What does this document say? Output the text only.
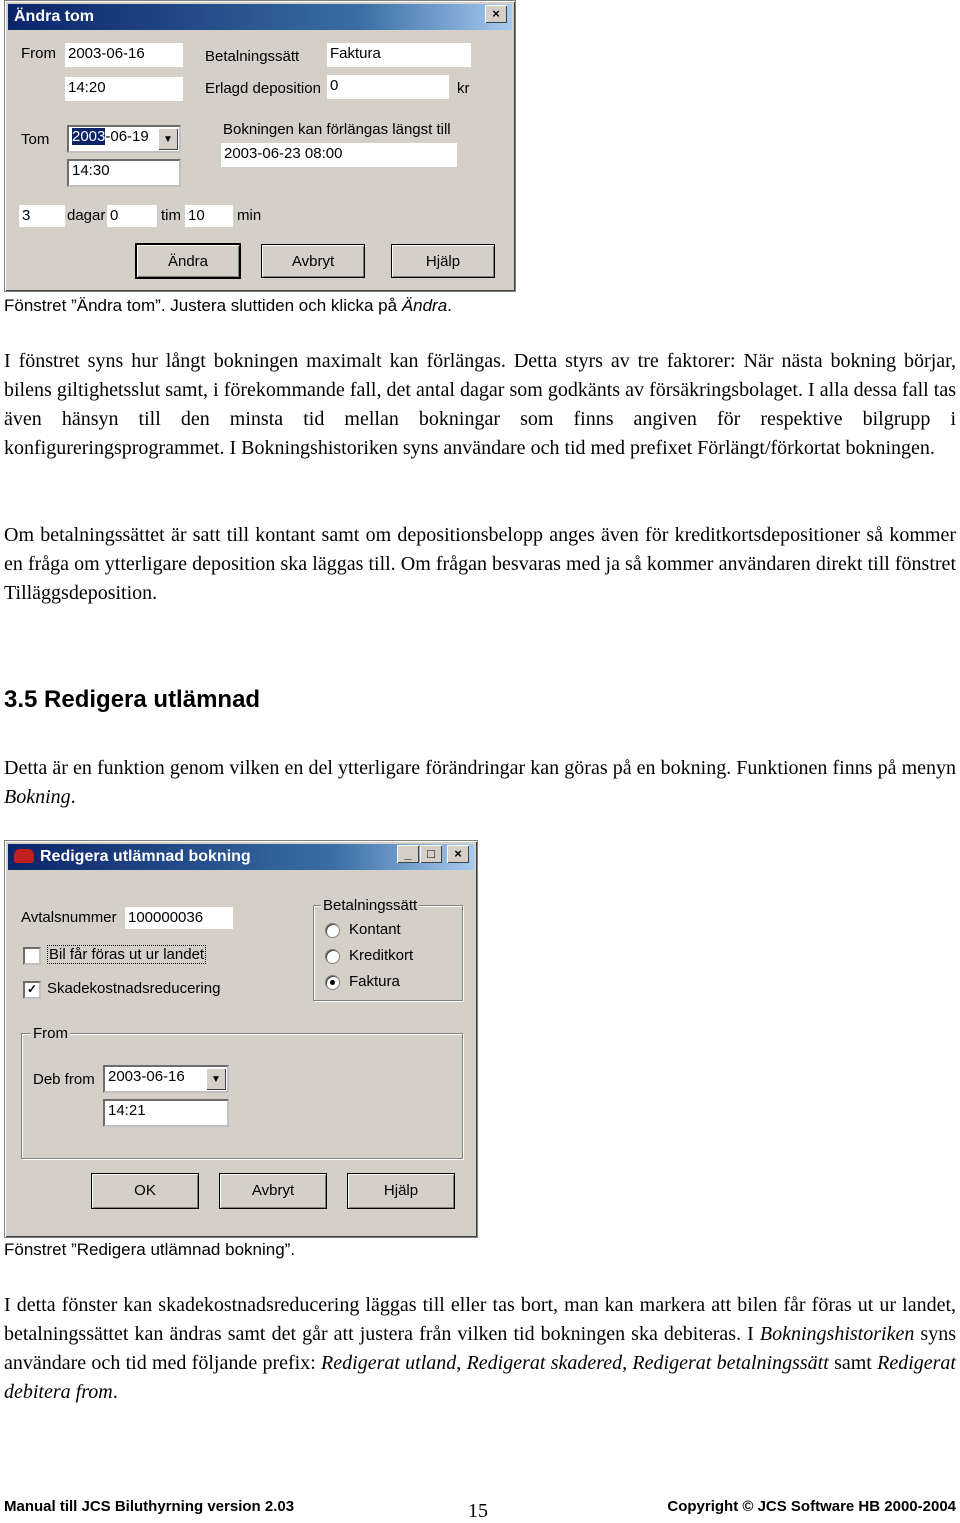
Ändra tom	×
From 2003-06-16
14:20
Betalningssätt Faktura
Erlagd deposition 0	kr
Tom	2003-06-19	▼
14:30
Bokningen kan förlängas längst till
2003-06-23 08:00
3	dagar 0	tim 10	min
Ändra	Avbryt	Hjälp
Fönstret ”Ändra tom”. Justera sluttiden och klicka på Ändra.
I fönstret syns hur långt bokningen maximalt kan förlängas. Detta styrs av tre faktorer: När nästa bokning börjar, bilens giltighetsslut samt, i förekommande fall, det antal dagar som godkänts av försäkringsbolaget. I alla dessa fall tas även hänsyn till den minsta tid mellan bokningar som finns angiven för respektive bilgrupp i konfigureringsprogrammet. I Bokningshistoriken syns användare och tid med prefixet Förlängt/förkortat bokningen.
Om betalningssättet är satt till kontant samt om depositionsbelopp anges även för kreditkortsdepositioner så kommer en fråga om ytterligare deposition ska läggas till. Om frågan besvaras med ja så kommer användaren direkt till fönstret Tilläggsdeposition.
3.5 Redigera utlämnad
Detta är en funktion genom vilken en del ytterligare förändringar kan göras på en bokning. Funktionen finns på menyn Bokning.
Redigera utlämnad bokning	_	□	×
Avtalsnummer 100000036
Bil får föras ut ur landet
✓ Skadekostnadsreducering
Betalningssätt
Kontant
Kreditkort
Faktura
From
Deb from 2003-06-16	▼
14:21
OK	Avbryt	Hjälp
Fönstret ”Redigera utlämnad bokning”.
I detta fönster kan skadekostnadsreducering läggas till eller tas bort, man kan markera att bilen får föras ut ur landet, betalningssättet kan ändras samt det går att justera från vilken tid bokningen ska debiteras. I Bokningshistoriken syns användare och tid med följande prefix: Redigerat utland, Redigerat skadered, Redigerat betalningssätt samt Redigerat debitera from.
Manual till JCS Biluthyrning version 2.03	15	Copyright © JCS Software HB 2000-2004
